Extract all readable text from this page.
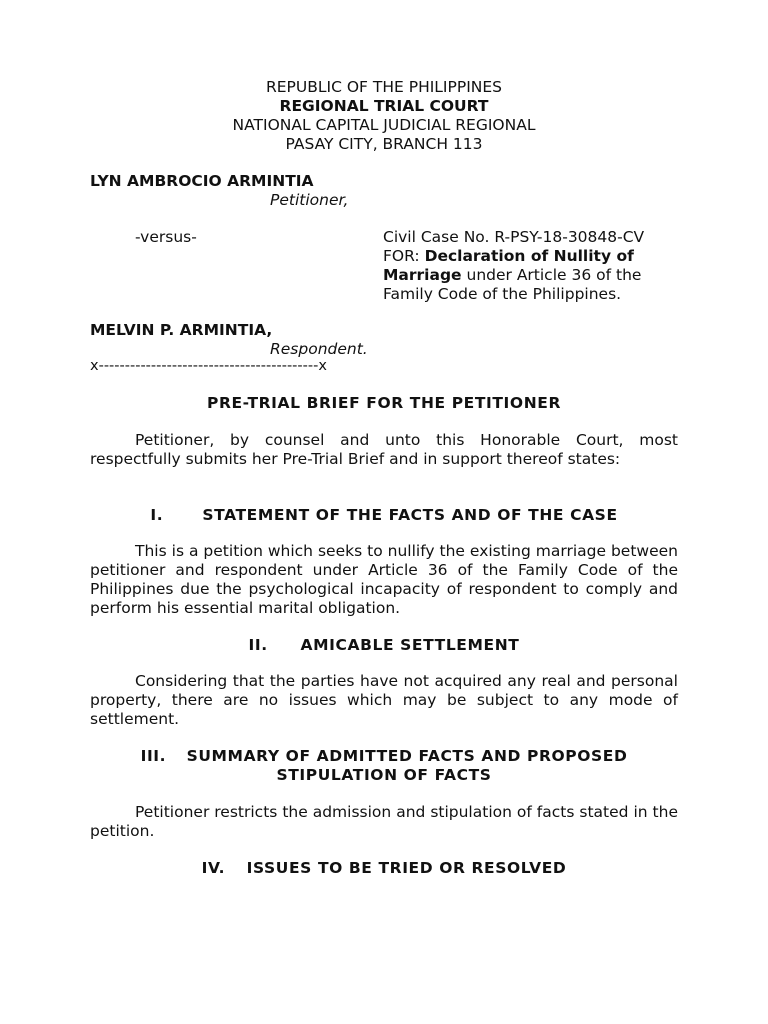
REPUBLIC OF THE PHILIPPINES
REGIONAL TRIAL COURT
NATIONAL CAPITAL JUDICIAL REGIONAL
PASAY CITY, BRANCH 113
LYN AMBROCIO ARMINTIA
Petitioner,
-versus-	Civil Case No. R-PSY-18-30848-CV
FOR: Declaration of Nullity of
Marriage under Article 36 of the
Family Code of the Philippines.
MELVIN P. ARMINTIA,
Respondent.
x------------------------------------------x
PRE-TRIAL BRIEF FOR THE PETITIONER
Petitioner, by counsel and unto this Honorable Court, most respectfully submits her Pre-Trial Brief and in support thereof states:
I.	STATEMENT OF THE FACTS AND OF THE CASE
This is a petition which seeks to nullify the existing marriage between petitioner and respondent under Article 36 of the Family Code of the Philippines due the psychological incapacity of respondent to comply and perform his essential marital obligation.
II. AMICABLE SETTLEMENT
Considering that the parties have not acquired any real and personal property, there are no issues which may be subject to any mode of settlement.
III. SUMMARY OF ADMITTED FACTS AND PROPOSED
STIPULATION OF FACTS
Petitioner restricts the admission and stipulation of facts stated in the petition.
IV. ISSUES TO BE TRIED OR RESOLVED
